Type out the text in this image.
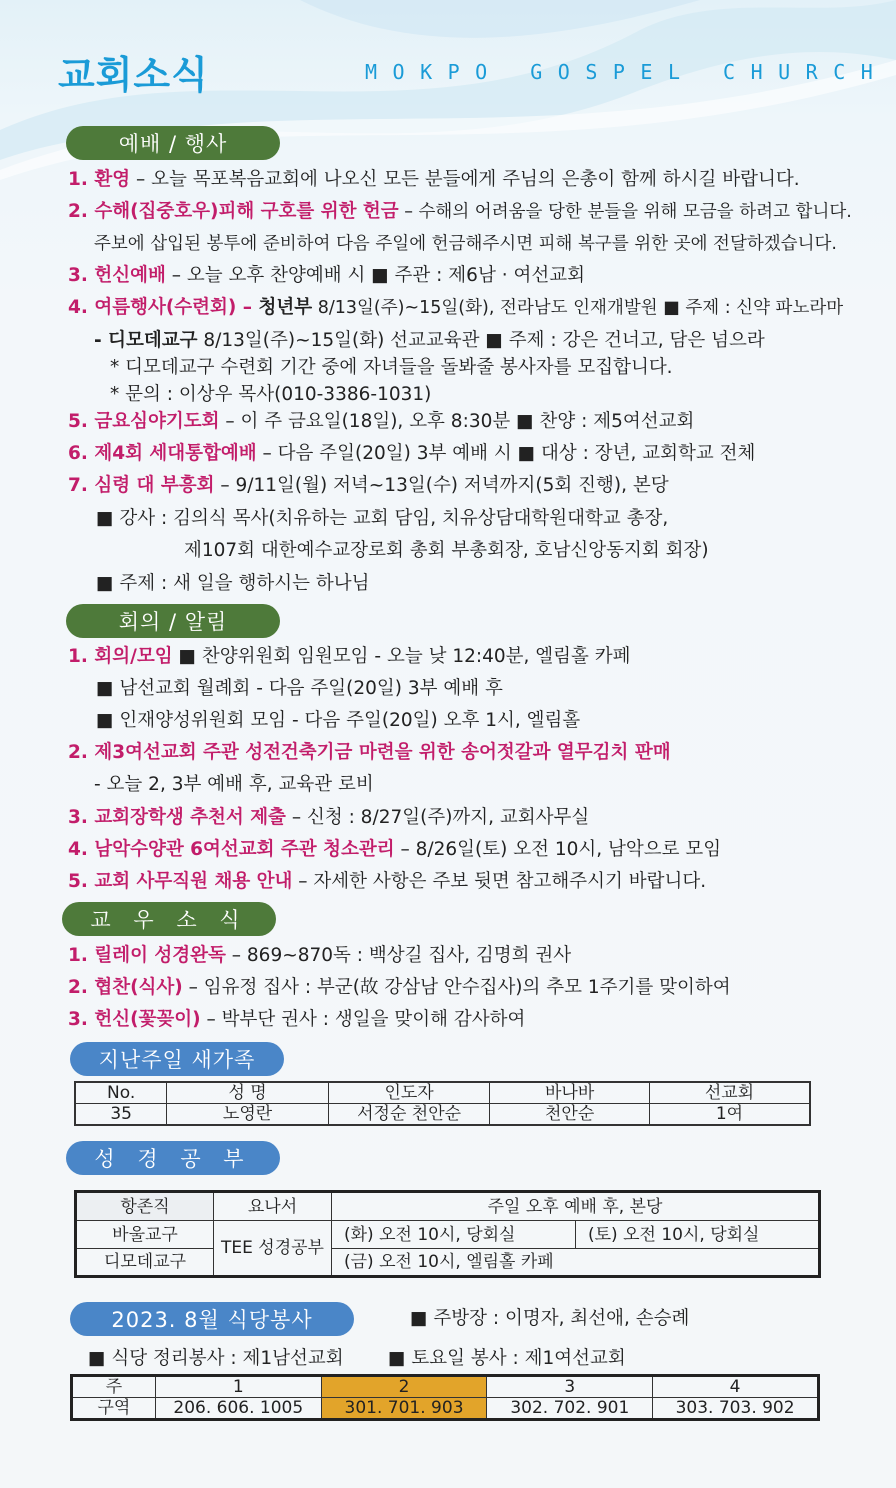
교회소식	MOKPO GOSPEL CHURCH
예배 / 행사
1. 환영 – 오늘 목포복음교회에 나오신 모든 분들에게 주님의 은총이 함께 하시길 바랍니다.
2. 수해(집중호우)피해 구호를 위한 헌금 – 수해의 어려움을 당한 분들을 위해 모금을 하려고 합니다.
주보에 삽입된 봉투에 준비하여 다음 주일에 헌금해주시면 피해 복구를 위한 곳에 전달하겠습니다.
3. 헌신예배 – 오늘 오후 찬양예배 시 ■ 주관 : 제6남 · 여선교회
4. 여름행사(수련회) – 청년부 8/13일(주)~15일(화), 전라남도 인재개발원 ■ 주제 : 신약 파노라마
- 디모데교구 8/13일(주)~15일(화) 선교교육관 ■ 주제 : 강은 건너고, 담은 넘으라
* 디모데교구 수련회 기간 중에 자녀들을 돌봐줄 봉사자를 모집합니다.
* 문의 : 이상우 목사(010-3386-1031)
5. 금요심야기도회 – 이 주 금요일(18일), 오후 8:30분 ■ 찬양 : 제5여선교회
6. 제4회 세대통합예배 – 다음 주일(20일) 3부 예배 시 ■ 대상 : 장년, 교회학교 전체
7. 심령 대 부흥회 – 9/11일(월) 저녁~13일(수) 저녁까지(5회 진행), 본당
■ 강사 : 김의식 목사(치유하는 교회 담임, 치유상담대학원대학교 총장,
제107회 대한예수교장로회 총회 부총회장, 호남신앙동지회 회장)
■ 주제 : 새 일을 행하시는 하나님
회의 / 알림
1. 회의/모임 ■ 찬양위원회 임원모임 - 오늘 낮 12:40분, 엘림홀 카페
■ 남선교회 월례회 - 다음 주일(20일) 3부 예배 후
■ 인재양성위원회 모임 - 다음 주일(20일) 오후 1시, 엘림홀
2. 제3여선교회 주관 성전건축기금 마련을 위한 송어젓갈과 열무김치 판매
- 오늘 2, 3부 예배 후, 교육관 로비
3. 교회장학생 추천서 제출 – 신청 : 8/27일(주)까지, 교회사무실
4. 남악수양관 6여선교회 주관 청소관리 – 8/26일(토) 오전 10시, 남악으로 모임
5. 교회 사무직원 채용 안내 – 자세한 사항은 주보 뒷면 참고해주시기 바랍니다.
교 우 소 식
1. 릴레이 성경완독 – 869~870독 : 백상길 집사, 김명희 권사
2. 협찬(식사) – 임유정 집사 : 부군(故 강삼남 안수집사)의 추모 1주기를 맞이하여
3. 헌신(꽃꽂이) – 박부단 권사 : 생일을 맞이해 감사하여
지난주일 새가족
No.	성 명	인도자	바나바	선교회
35	노영란	서정순 천안순	천안순	1여
성 경 공 부
항존직	요나서	주일 오후 예배 후, 본당	
바울교구	TEE 성경공부	(화) 오전 10시, 당회실	(토) 오전 10시, 당회실
디모데교구		(금) 오전 10시, 엘림홀 카페	
2023. 8월 식당봉사	■ 주방장 : 이명자, 최선애, 손승례
■ 식당 정리봉사 : 제1남선교회 ■ 토요일 봉사 : 제1여선교회
주	1	2	3	4
구역	206. 606. 1005	301. 701. 903	302. 702. 901	303. 703. 902
